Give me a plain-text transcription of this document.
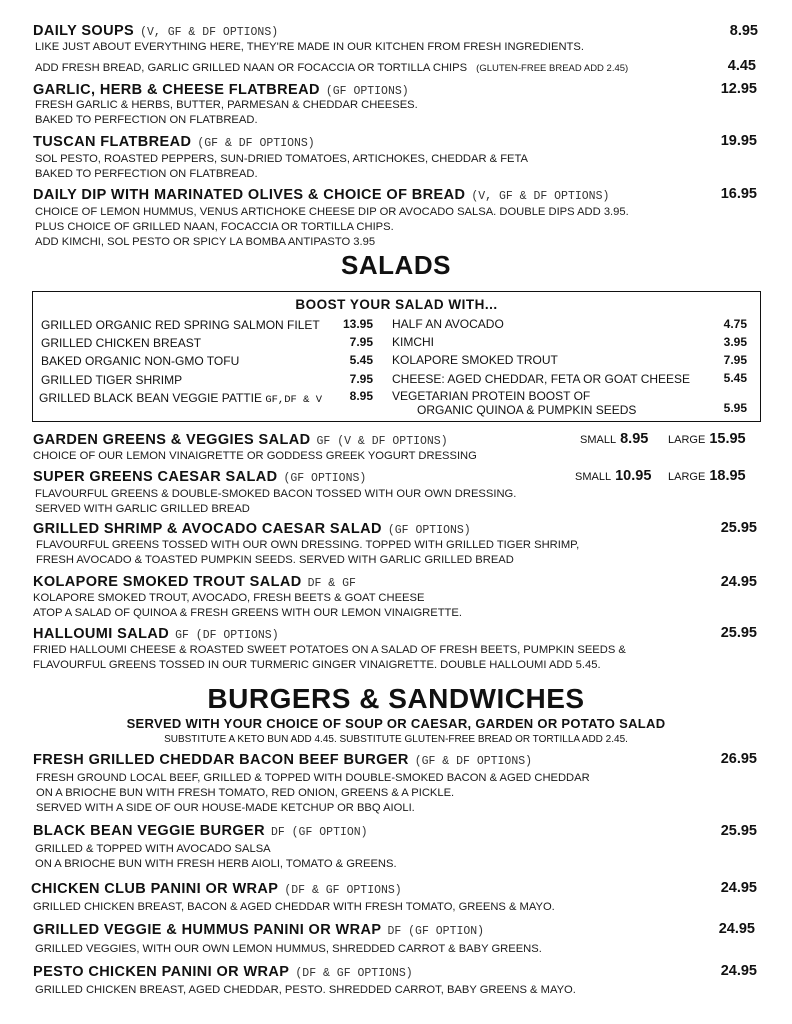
DAILY SOUPS (V, GF & DF OPTIONS)	8.95
LIKE JUST ABOUT EVERYTHING HERE, THEY'RE MADE IN OUR KITCHEN FROM FRESH INGREDIENTS.
ADD FRESH BREAD, GARLIC GRILLED NAAN OR FOCACCIA OR TORTILLA CHIPS (GLUTEN-FREE BREAD ADD 2.45)	4.45
GARLIC, HERB & CHEESE FLATBREAD (GF OPTIONS)	12.95
FRESH GARLIC & HERBS, BUTTER, PARMESAN & CHEDDAR CHEESES.
BAKED TO PERFECTION ON FLATBREAD.
TUSCAN FLATBREAD (GF & DF OPTIONS)	19.95
SOL PESTO, ROASTED PEPPERS, SUN-DRIED TOMATOES, ARTICHOKES, CHEDDAR & FETA
BAKED TO PERFECTION ON FLATBREAD.
DAILY DIP WITH MARINATED OLIVES & CHOICE OF BREAD (V, GF & DF OPTIONS)	16.95
CHOICE OF LEMON HUMMUS, VENUS ARTICHOKE CHEESE DIP OR AVOCADO SALSA. DOUBLE DIPS ADD 3.95.
PLUS CHOICE OF GRILLED NAAN, FOCACCIA OR TORTILLA CHIPS.
ADD KIMCHI, SOL PESTO OR SPICY LA BOMBA ANTIPASTO 3.95
SALADS
BOOST YOUR SALAD WITH...
GRILLED ORGANIC RED SPRING SALMON FILET	13.95
GRILLED CHICKEN BREAST	7.95
BAKED ORGANIC NON-GMO TOFU	5.45
GRILLED TIGER SHRIMP	7.95
GRILLED BLACK BEAN VEGGIE PATTIE GF,DF & V	8.95
HALF AN AVOCADO	4.75
KIMCHI	3.95
KOLAPORE SMOKED TROUT	7.95
CHEESE: AGED CHEDDAR, FETA OR GOAT CHEESE	5.45
VEGETARIAN PROTEIN BOOST OF
ORGANIC QUINOA & PUMPKIN SEEDS	5.95
GARDEN GREENS & VEGGIES SALAD GF (V & DF OPTIONS)	SMALL 8.95 LARGE 15.95
CHOICE OF OUR LEMON VINAIGRETTE OR GODDESS GREEK YOGURT DRESSING
SUPER GREENS CAESAR SALAD (GF OPTIONS)	SMALL 10.95 LARGE 18.95
FLAVOURFUL GREENS & DOUBLE-SMOKED BACON TOSSED WITH OUR OWN DRESSING.
SERVED WITH GARLIC GRILLED BREAD
GRILLED SHRIMP & AVOCADO CAESAR SALAD (GF OPTIONS)	25.95
FLAVOURFUL GREENS TOSSED WITH OUR OWN DRESSING. TOPPED WITH GRILLED TIGER SHRIMP,
FRESH AVOCADO & TOASTED PUMPKIN SEEDS. SERVED WITH GARLIC GRILLED BREAD
KOLAPORE SMOKED TROUT SALAD DF & GF	24.95
KOLAPORE SMOKED TROUT, AVOCADO, FRESH BEETS & GOAT CHEESE
ATOP A SALAD OF QUINOA & FRESH GREENS WITH OUR LEMON VINAIGRETTE.
HALLOUMI SALAD GF (DF OPTIONS)	25.95
FRIED HALLOUMI CHEESE & ROASTED SWEET POTATOES ON A SALAD OF FRESH BEETS, PUMPKIN SEEDS &
FLAVOURFUL GREENS TOSSED IN OUR TURMERIC GINGER VINAIGRETTE. DOUBLE HALLOUMI ADD 5.45.
BURGERS & SANDWICHES
SERVED WITH YOUR CHOICE OF SOUP OR CAESAR, GARDEN OR POTATO SALAD
SUBSTITUTE A KETO BUN ADD 4.45. SUBSTITUTE GLUTEN-FREE BREAD OR TORTILLA ADD 2.45.
FRESH GRILLED CHEDDAR BACON BEEF BURGER (GF & DF OPTIONS)	26.95
FRESH GROUND LOCAL BEEF, GRILLED & TOPPED WITH DOUBLE-SMOKED BACON & AGED CHEDDAR
ON A BRIOCHE BUN WITH FRESH TOMATO, RED ONION, GREENS & A PICKLE.
SERVED WITH A SIDE OF OUR HOUSE-MADE KETCHUP OR BBQ AIOLI.
BLACK BEAN VEGGIE BURGER DF (GF OPTION)	25.95
GRILLED & TOPPED WITH AVOCADO SALSA
ON A BRIOCHE BUN WITH FRESH HERB AIOLI, TOMATO & GREENS.
CHICKEN CLUB PANINI OR WRAP (DF & GF OPTIONS)	24.95
GRILLED CHICKEN BREAST, BACON & AGED CHEDDAR WITH FRESH TOMATO, GREENS & MAYO.
GRILLED VEGGIE & HUMMUS PANINI OR WRAP DF (GF OPTION)	24.95
GRILLED VEGGIES, WITH OUR OWN LEMON HUMMUS, SHREDDED CARROT & BABY GREENS.
PESTO CHICKEN PANINI OR WRAP (DF & GF OPTIONS)	24.95
GRILLED CHICKEN BREAST, AGED CHEDDAR, PESTO. SHREDDED CARROT, BABY GREENS & MAYO.
